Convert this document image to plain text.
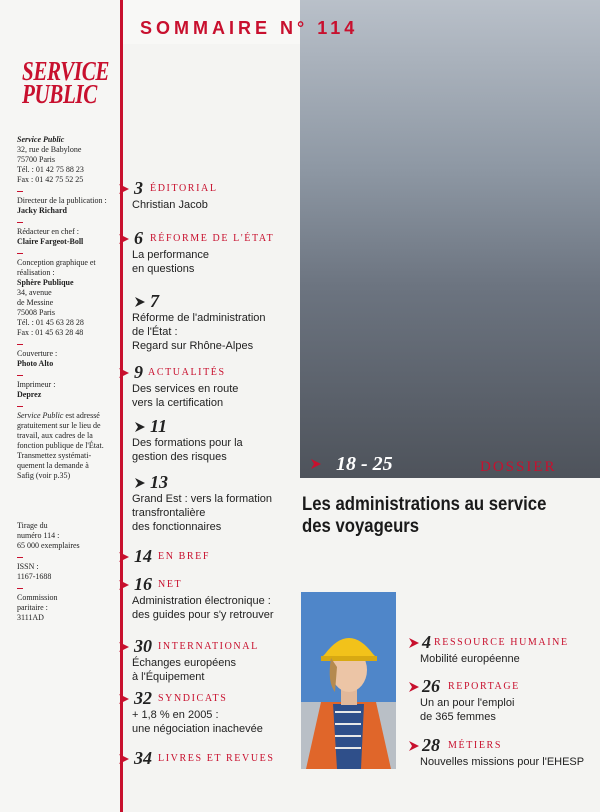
SERVICE
PUBLIC
Service Public
32, rue de Babylone
75700 Paris
Tél. : 01 42 75 88 23
Fax : 01 42 75 52 25
Directeur de la publication :
Jacky Richard
Rédacteur en chef :
Claire Fargeot-Boll
Conception graphique et réalisation :
Sphère Publique
34, avenue
de Messine
75008 Paris
Tél. : 01 45 63 28 28
Fax : 01 45 63 28 48
Couverture :
Photo Alto
Imprimeur :
Deprez
Service Public est adressé
gratuitement sur le lieu de
travail, aux cadres de la
fonction publique de l'État.
Transmettez systémati-
quement la demande à
Safig (voir p.35)
Tirage du
numéro 114 :
65 000 exemplaires
ISSN :
1167-1688
Commission
paritaire :
3111AD
SOMMAIRE N° 114
3 ÉDITORIAL
Christian Jacob
6 RÉFORME DE L'ÉTAT
La performance
en questions
7
Réforme de l'administration
de l'État :
Regard sur Rhône-Alpes
9 ACTUALITÉS
Des services en route
vers la certification
11
Des formations pour la
gestion des risques
13
Grand Est : vers la formation
transfrontalière
des fonctionnaires
14 EN BREF
16 NET
Administration électronique :
des guides pour s'y retrouver
30 INTERNATIONAL
Échanges européens
à l'Équipement
32 SYNDICATS
+ 1,8 % en 2005 :
une négociation inachevée
34 LIVRES ET REVUES
18 - 25	DOSSIER
Les administrations au service des voyageurs
4 RESSOURCE HUMAINE
Mobilité européenne
26 REPORTAGE
Un an pour l'emploi
de 365 femmes
28 MÉTIERS
Nouvelles missions pour l'EHESP
